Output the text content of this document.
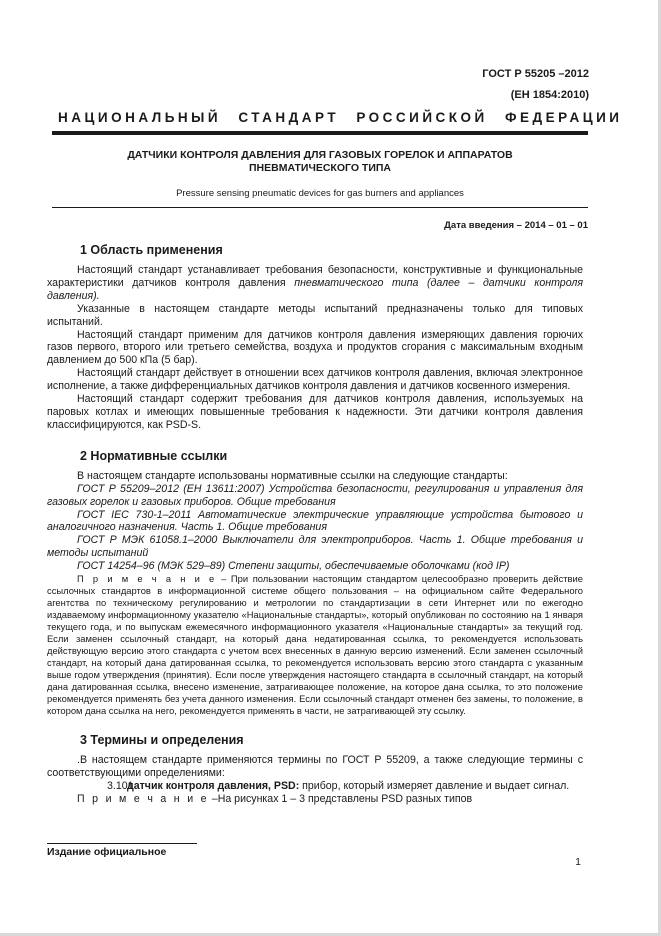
ГОСТ Р 55205 –2012
(ЕН 1854:2010)
НАЦИОНАЛЬНЫЙ СТАНДАРТ РОССИЙСКОЙ ФЕДЕРАЦИИ
ДАТЧИКИ КОНТРОЛЯ ДАВЛЕНИЯ ДЛЯ ГАЗОВЫХ ГОРЕЛОК И АППАРАТОВ
ПНЕВМАТИЧЕСКОГО ТИПА
Pressure sensing pneumatic devices for gas burners and appliances
Дата введения – 2014 – 01 – 01
1 Область применения

Настоящий стандарт устанавливает требования безопасности, конструктивные и функциональные характеристики датчиков контроля давления пневматического типа (далее – датчики контроля давления).

Указанные в настоящем стандарте методы испытаний предназначены только для типовых испытаний.

Настоящий стандарт применим для датчиков контроля давления измеряющих давления горючих газов первого, второго или третьего семейства, воздуха и продуктов сгорания с максимальным входным давлением до 500 кПа (5 бар).

Настоящий стандарт действует в отношении всех датчиков контроля давления, включая электронное исполнение, а также дифференциальных датчиков контроля давления и датчиков косвенного измерения.

Настоящий стандарт содержит требования для датчиков контроля давления, используемых на паровых котлах и имеющих повышенные требования к надежности. Эти датчики контроля давления классифицируются, как PSD-S.

2 Нормативные ссылки

В настоящем стандарте использованы нормативные ссылки на следующие стандарты:

ГОСТ Р 55209–2012 (ЕН 13611:2007) Устройства безопасности, регулирования и управления для газовых горелок и газовых приборов. Общие требования

ГОСТ IEC 730-1–2011 Автоматические электрические управляющие устройства бытового и аналогичного назначения. Часть 1. Общие требования

ГОСТ Р МЭК 61058.1–2000 Выключатели для электроприборов. Часть 1. Общие требования и методы испытаний

ГОСТ 14254–96 (МЭК 529–89) Степени защиты, обеспечиваемые оболочками (код IP)

П р и м е ч а н и е – При пользовании настоящим стандартом целесообразно проверить действие ссылочных стандартов в информационной системе общего пользования – на официальном сайте Федерального агентства по техническому регулированию и метрологии по стандартизации в сети Интернет или по ежегодно издаваемому информационному указателю «Национальные стандарты», который опубликован по состоянию на 1 января текущего года, и по выпускам ежемесячного информационного указателя «Национальные стандарты» за текущий год. Если заменен ссылочный стандарт, на который дана недатированная ссылка, то рекомендуется использовать действующую версию этого стандарта с учетом всех внесенных в данную версию изменений. Если заменен ссылочный стандарт, на который дана датированная ссылка, то рекомендуется использовать версию этого стандарта с указанным выше годом утверждения (принятия). Если после утверждения настоящего стандарта в ссылочный стандарт, на который дана датированная ссылка, внесено изменение, затрагивающее положение, на которое дана ссылка, то это положение рекомендуется применять без учета данного изменения. Если ссылочный стандарт отменен без замены, то положение, в котором дана ссылка на него, рекомендуется применять в части, не затрагивающей эту ссылку.

3 Термины и определения

.В настоящем стандарте применяются термины по ГОСТ Р 55209, а также следующие термины с соответствующими определениями:

3.101датчик контроля давления, PSD: прибор, который измеряет давление и выдает сигнал.

П р и м е ч а н и е –На рисунках 1 – 3 представлены PSD разных типов

Издание официальное
1
